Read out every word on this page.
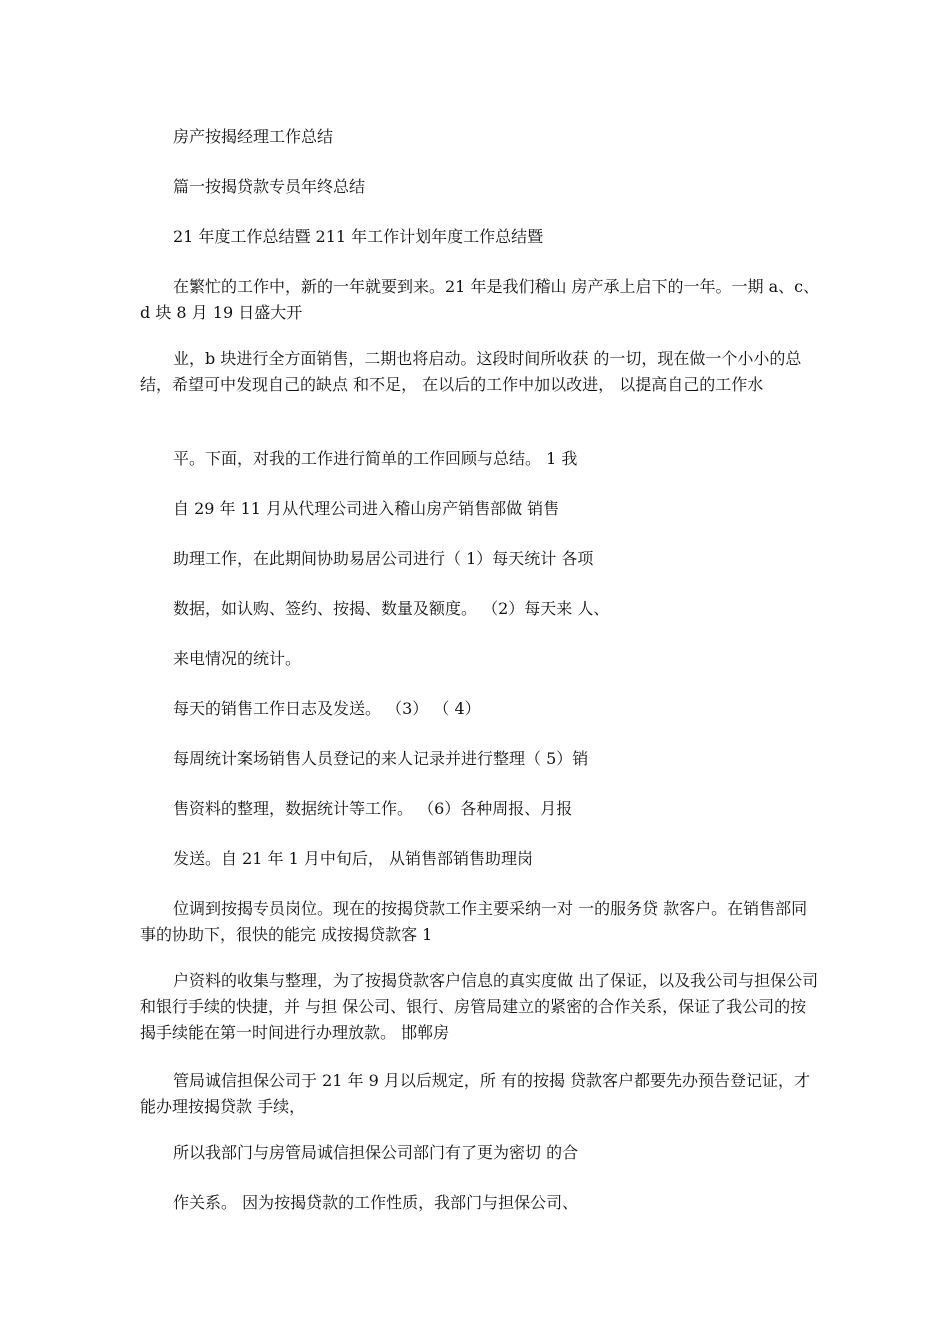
房产按揭经理工作总结

篇一按揭贷款专员年终总结

21 年度工作总结暨 211 年工作计划年度工作总结暨

在繁忙的工作中，新的一年就要到来。21 年是我们稽山 房产承上启下的一年。一期 a、c、d 块 8 月 19 日盛大开

业，b 块进行全方面销售，二期也将启动。这段时间所收获 的一切，现在做一个小小的总结，希望可中发现自己的缺点 和不足， 在以后的工作中加以改进， 以提高自己的工作水

平。下面，对我的工作进行简单的工作回顾与总结。 1 我

自 29 年 11 月从代理公司进入稽山房产销售部做 销售

助理工作，在此期间协助易居公司进行（ 1）每天统计 各项

数据，如认购、签约、按揭、数量及额度。 （2）每天来 人、

来电情况的统计。

每天的销售工作日志及发送。 （3） （ 4）

每周统计案场销售人员登记的来人记录并进行整理（ 5）销

售资料的整理，数据统计等工作。 （6）各种周报、月报

发送。自 21 年 1 月中旬后， 从销售部销售助理岗

位调到按揭专员岗位。现在的按揭贷款工作主要采纳一对 一的服务贷 款客户。在销售部同事的协助下，很快的能完 成按揭贷款客 1

户资料的收集与整理，为了按揭贷款客户信息的真实度做 出了保证，以及我公司与担保公司和银行手续的快捷，并 与担 保公司、银行、房管局建立的紧密的合作关系，保证了我公司的按揭手续能在第一时间进行办理放款。 邯郸房

管局诚信担保公司于 21 年 9 月以后规定，所 有的按揭 贷款客户都要先办预告登记证，才能办理按揭贷款 手续，

所以我部门与房管局诚信担保公司部门有了更为密切 的合

作关系。 因为按揭贷款的工作性质，我部门与担保公司、
